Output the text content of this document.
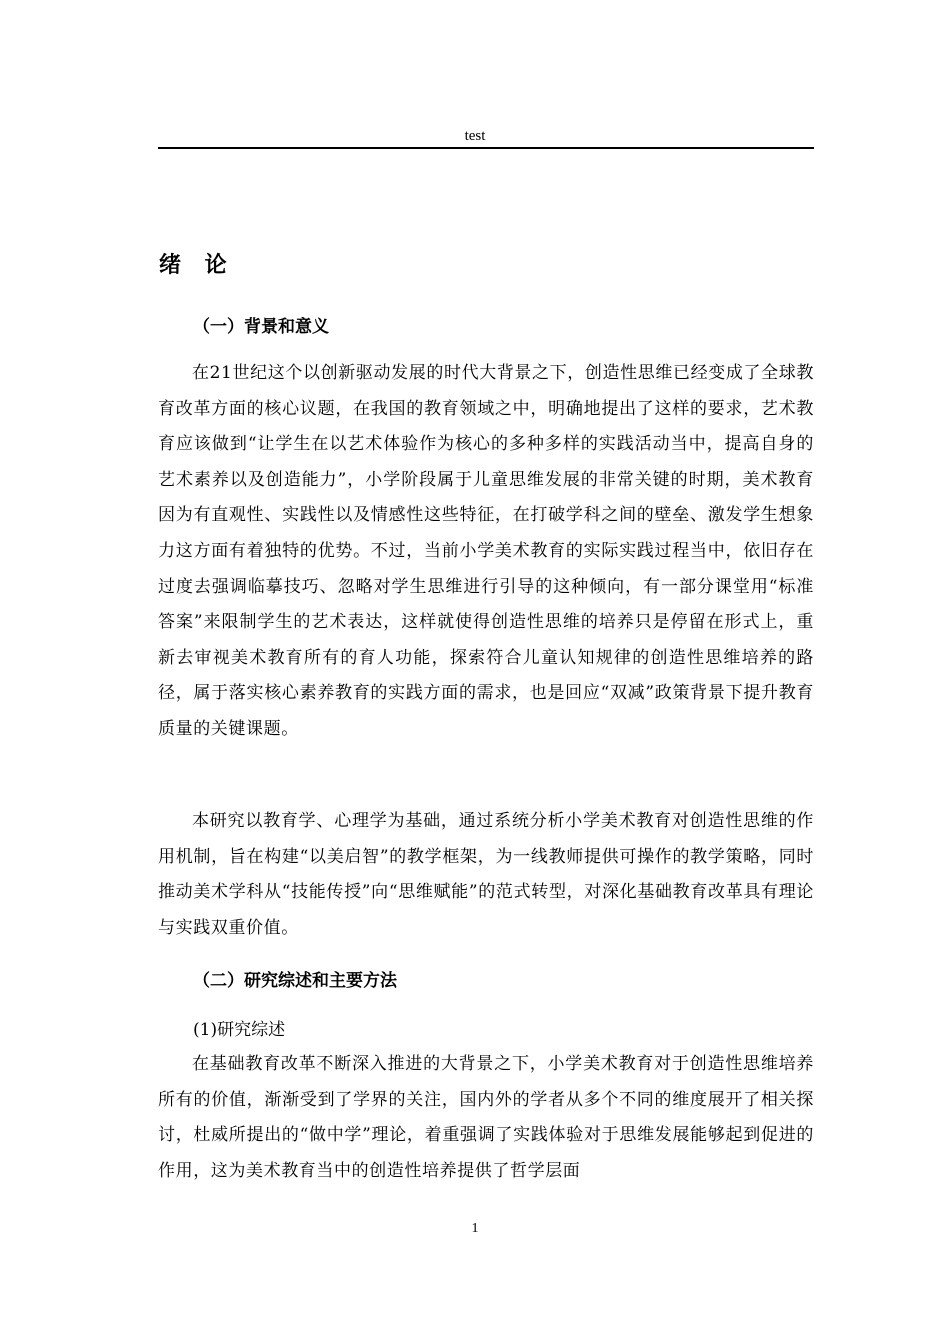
test
绪 论
（一）背景和意义

在21世纪这个以创新驱动发展的时代大背景之下，创造性思维已经变成了全球教育改革方面的核心议题，在我国的教育领域之中，明确地提出了这样的要求，艺术教育应该做到“让学生在以艺术体验作为核心的多种多样的实践活动当中，提高自身的艺术素养以及创造能力”，小学阶段属于儿童思维发展的非常关键的时期，美术教育因为有直观性、实践性以及情感性这些特征，在打破学科之间的壁垒、激发学生想象力这方面有着独特的优势。不过，当前小学美术教育的实际实践过程当中，依旧存在过度去强调临摹技巧、忽略对学生思维进行引导的这种倾向，有一部分课堂用“标准答案”来限制学生的艺术表达，这样就使得创造性思维的培养只是停留在形式上，重新去审视美术教育所有的育人功能，探索符合儿童认知规律的创造性思维培养的路径，属于落实核心素养教育的实践方面的需求，也是回应“双减”政策背景下提升教育质量的关键课题。

本研究以教育学、心理学为基础，通过系统分析小学美术教育对创造性思维的作用机制，旨在构建“以美启智”的教学框架，为一线教师提供可操作的教学策略，同时推动美术学科从“技能传授”向“思维赋能”的范式转型，对深化基础教育改革具有理论与实践双重价值。

（二）研究综述和主要方法
(1)研究综述

在基础教育改革不断深入推进的大背景之下，小学美术教育对于创造性思维培养所有的价值，渐渐受到了学界的关注，国内外的学者从多个不同的维度展开了相关探讨，杜威所提出的“做中学”理论，着重强调了实践体验对于思维发展能够起到促进的作用，这为美术教育当中的创造性培养提供了哲学层面

1
